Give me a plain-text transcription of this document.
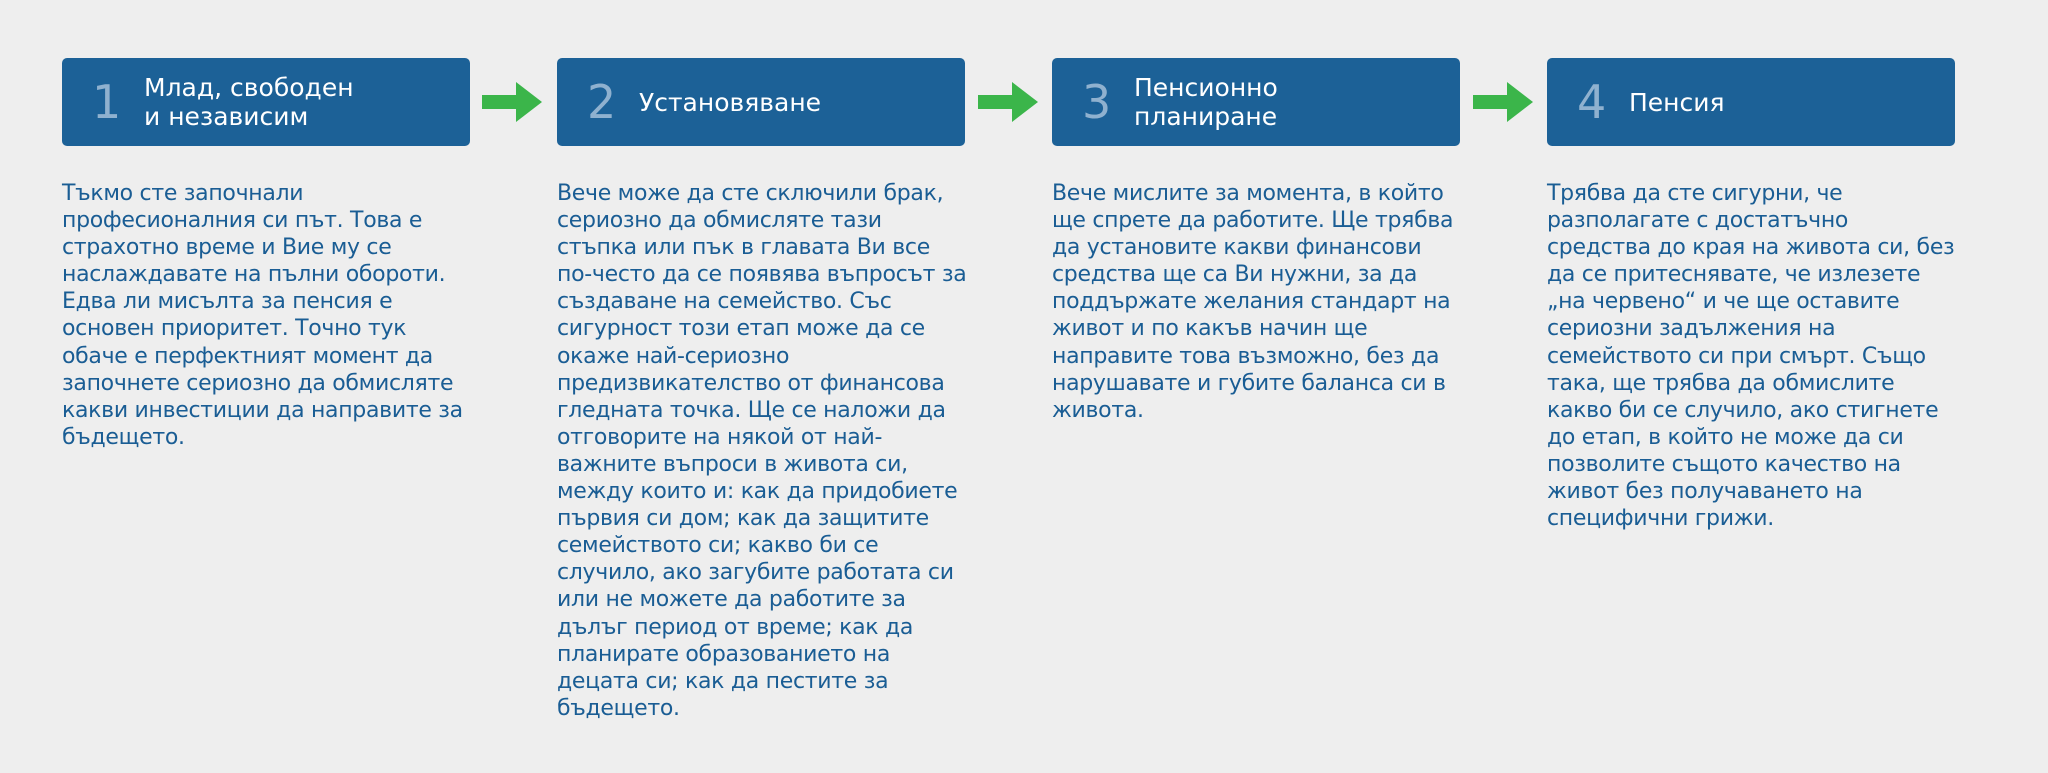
1 Млад, свободен
и независим

Тъкмо сте започнали професионалния си път. Това е страхотно време и Вие му се наслаждавате на пълни обороти. Едва ли мисълта за пенсия е основен приоритет. Точно тук обаче е перфектният момент да започнете сериозно да обмисляте какви инвестиции да направите за бъдещето.

2 Установяване

Вече може да сте сключили брак, сериозно да обмисляте тази стъпка или пък в главата Ви все по-често да се появява въпросът за създаване на семейство. Със сигурност този етап може да се окаже най-сериозно предизвикателство от финансова гледната точка. Ще се наложи да отговорите на някой от най-важните въпроси в живота си, между които и: как да придобиете първия си дом; как да защитите семейството си; какво би се случило, ако загубите работата си или не можете да работите за дълъг период от време; как да планирате образованието на децата си; как да пестите за бъдещето.

3 Пенсионно
планиране

Вече мислите за момента, в който ще спрете да работите. Ще трябва да установите какви финансови средства ще са Ви нужни, за да поддържате желания стандарт на живот и по какъв начин ще направите това възможно, без да нарушавате и губите баланса си в живота.

4 Пенсия

Трябва да сте сигурни, че разполагате с достатъчно средства до края на живота си, без да се притеснявате, че излезете „на червено“ и че ще оставите сериозни задължения на семейството си при смърт. Също така, ще трябва да обмислите какво би се случило, ако стигнете до етап, в който не може да си позволите същото качество на живот без получаването на специфични грижи.
